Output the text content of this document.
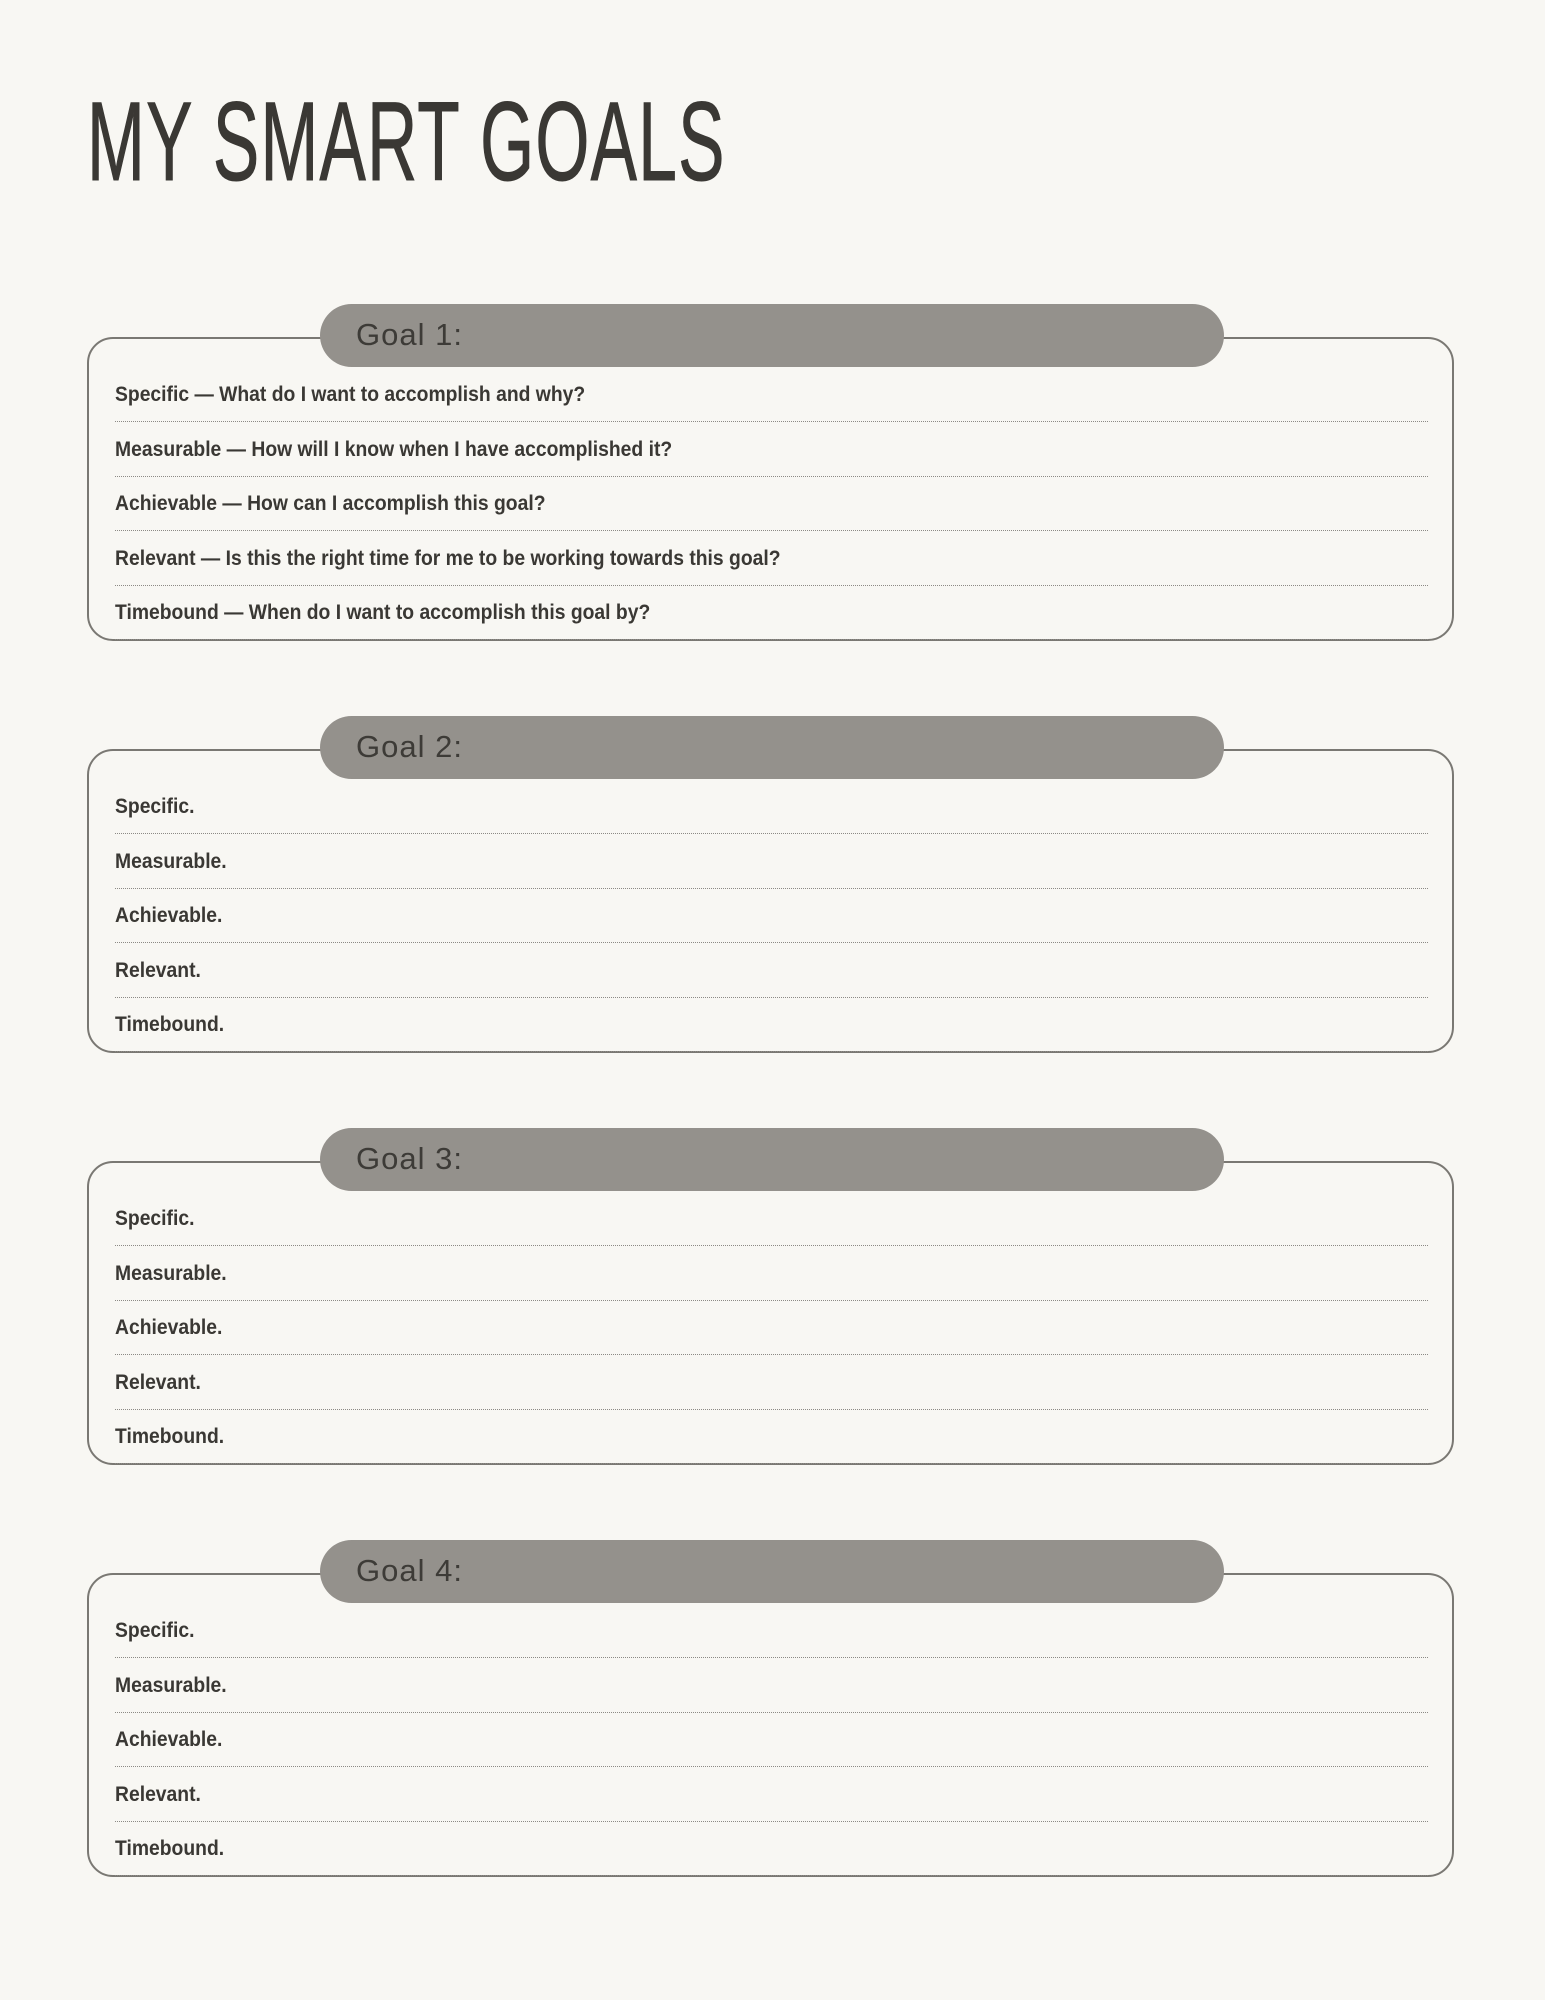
MY SMART GOALS
Goal 1:
Specific — What do I want to accomplish and why?
Measurable — How will I know when I have accomplished it?
Achievable — How can I accomplish this goal?
Relevant — Is this the right time for me to be working towards this goal?
Timebound — When do I want to accomplish this goal by?
Goal 2:
Specific.
Measurable.
Achievable.
Relevant.
Timebound.
Goal 3:
Specific.
Measurable.
Achievable.
Relevant.
Timebound.
Goal 4:
Specific.
Measurable.
Achievable.
Relevant.
Timebound.
